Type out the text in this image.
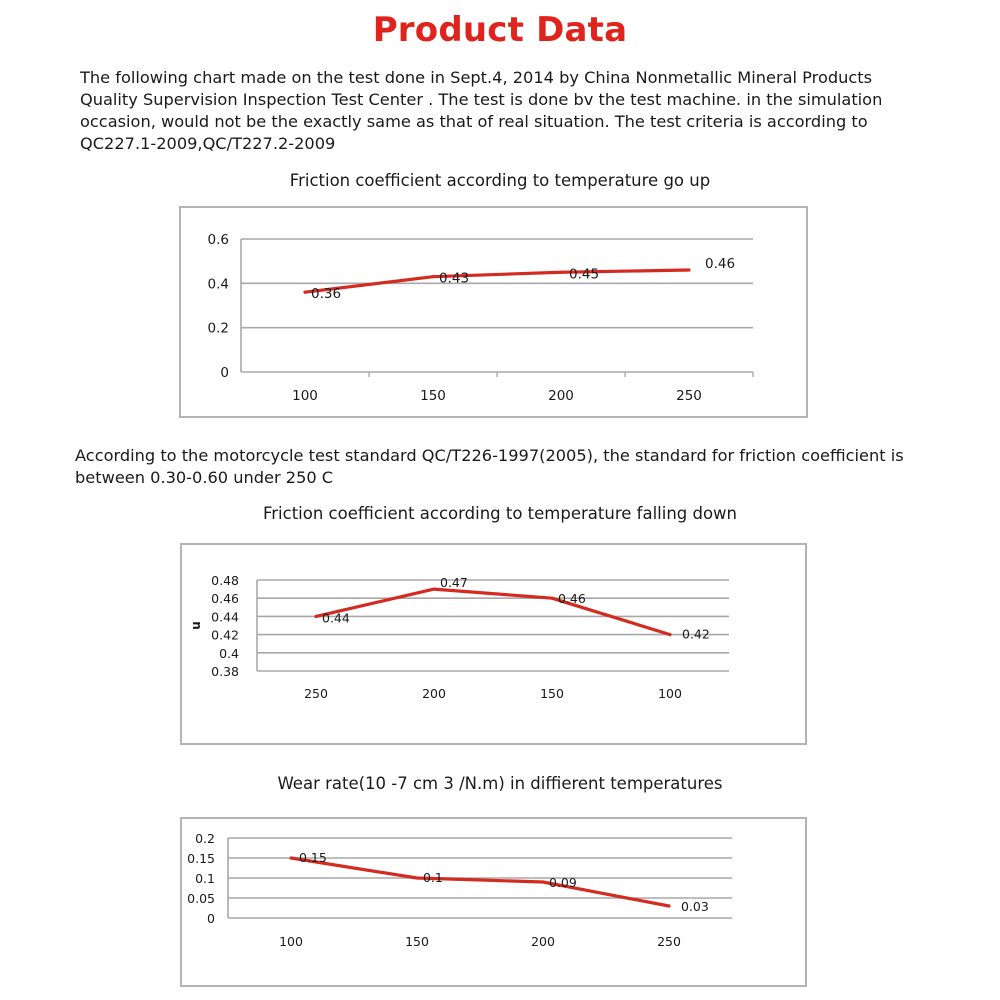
Product Data
The following chart made on the test done in Sept.4, 2014 by China Nonmetallic Mineral Products Quality Supervision Inspection Test Center . The test is done bv the test machine. in the simulation occasion, would not be the exactly same as that of real situation. The test criteria is according to QC227.1-2009,QC/T227.2-2009
Friction coefficient according to temperature go up
0
0.2
0.4
0.6
100	150	200	250
0.36
0.43	0.45
0.46
According to the motorcycle test standard QC/T226-1997(2005), the standard for friction coefficient is between 0.30-0.60 under 250 C
Friction coefficient according to temperature falling down
0.38
0.4
0.42
0.44
0.46
0.48
250	200	150	100
u
0.44
0.47
0.46
0.42
Wear rate(10 -7 cm 3 /N.m) in diffierent temperatures
0
0.05
0.1
0.15
0.2
100	150	200	250
0.15
0.1	0.09
0.03
